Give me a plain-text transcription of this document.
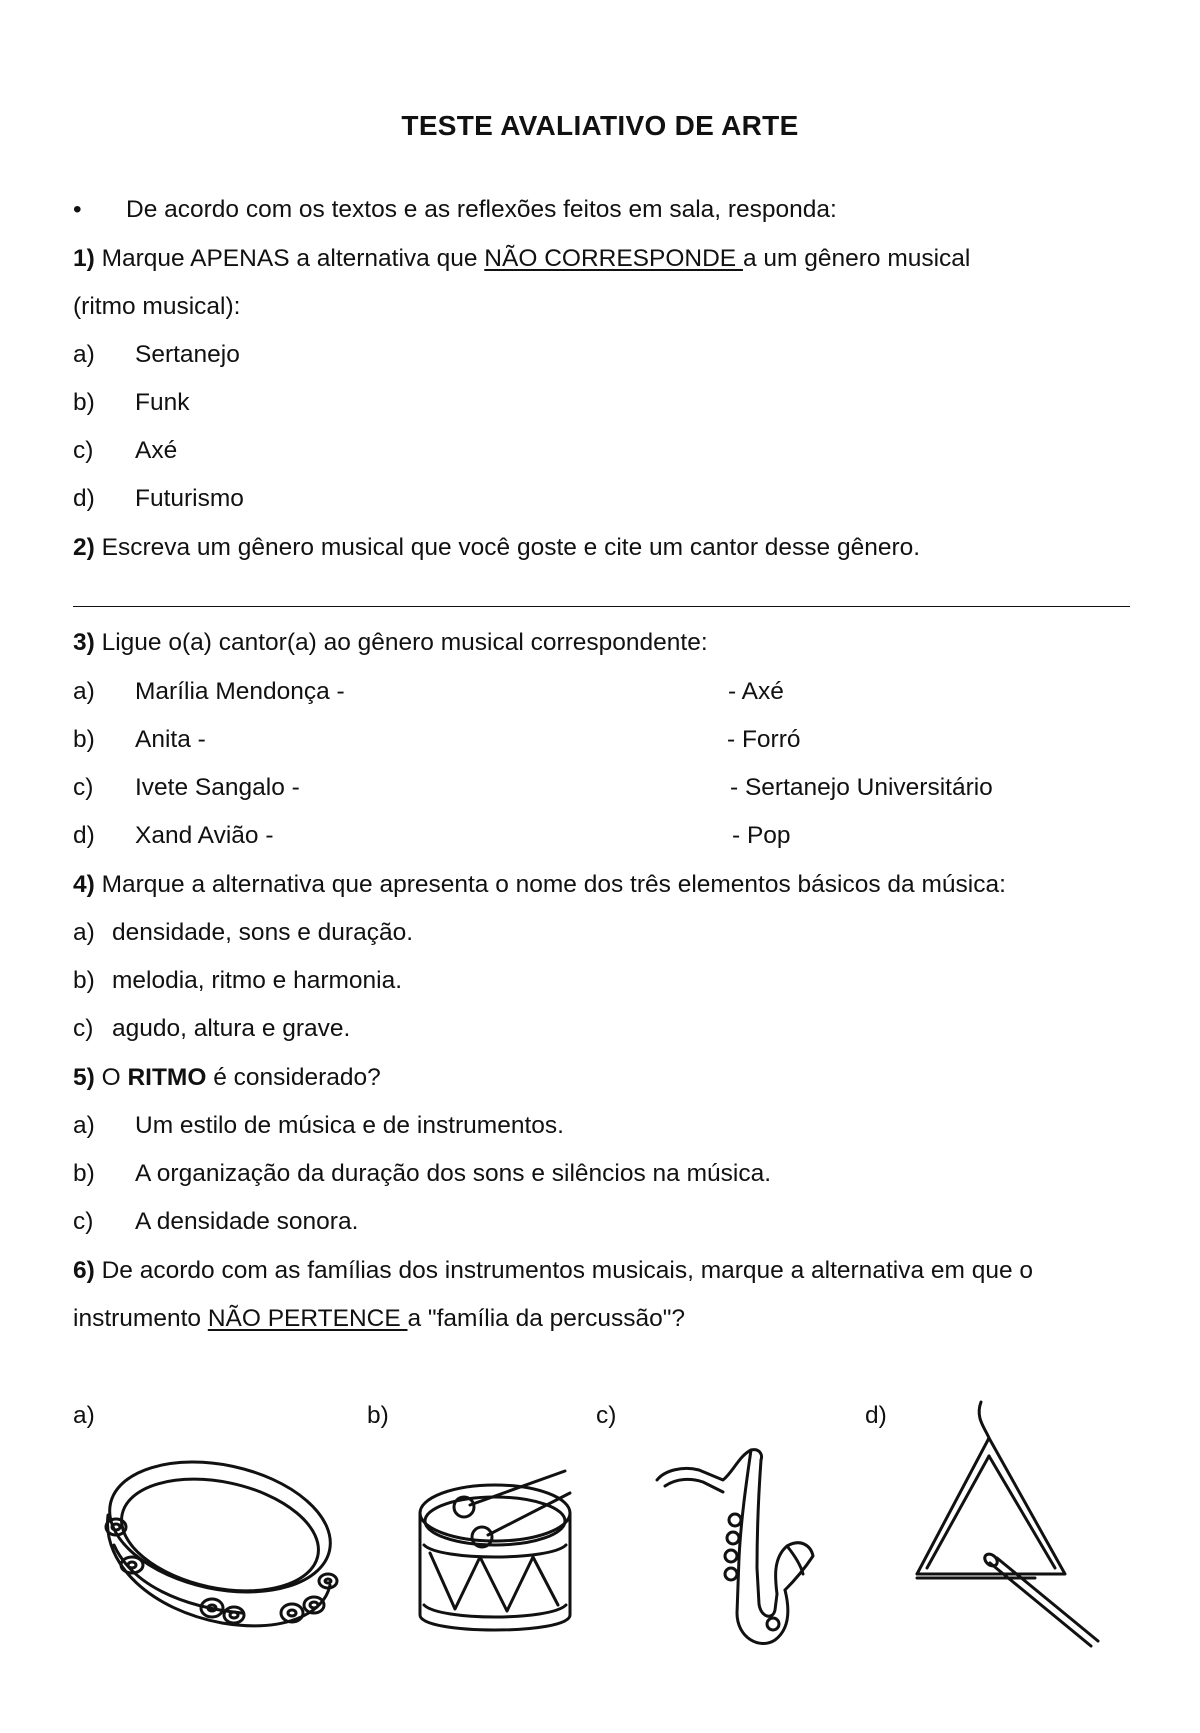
TESTE AVALIATIVO DE ARTE
• De acordo com os textos e as reflexões feitos em sala, responda:
1) Marque APENAS a alternativa que NÃO CORRESPONDE a um gênero musical
(ritmo musical):
a) Sertanejo
b) Funk
c) Axé
d) Futurismo
2) Escreva um gênero musical que você goste e cite um cantor desse gênero.
3) Ligue o(a) cantor(a) ao gênero musical correspondente:
a) Marília Mendonça -	- Axé
b) Anita -	- Forró
c) Ivete Sangalo -	- Sertanejo Universitário
d) Xand Avião -	- Pop
4) Marque a alternativa que apresenta o nome dos três elementos básicos da música:
a) densidade, sons e duração.
b) melodia, ritmo e harmonia.
c) agudo, altura e grave.
5) O RITMO é considerado?
a) Um estilo de música e de instrumentos.
b) A organização da duração dos sons e silêncios na música.
c) A densidade sonora.
6) De acordo com as famílias dos instrumentos musicais, marque a alternativa em que o
instrumento NÃO PERTENCE a "família da percussão"?
a)	b)	c)	d)
